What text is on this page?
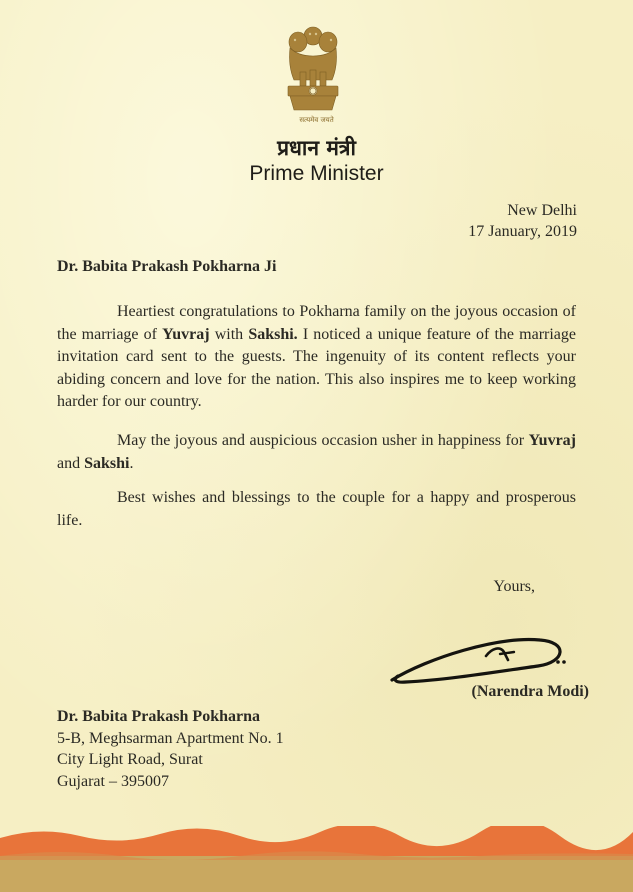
सत्यमेव जयते
प्रधान मंत्री
Prime Minister
New Delhi
17 January, 2019
Dr. Babita Prakash Pokharna Ji
Heartiest congratulations to Pokharna family on the joyous occasion of the marriage of Yuvraj with Sakshi. I noticed a unique feature of the marriage invitation card sent to the guests. The ingenuity of its content reflects your abiding concern and love for the nation. This also inspires me to keep working harder for our country.
May the joyous and auspicious occasion usher in happiness for Yuvraj and Sakshi.
Best wishes and blessings to the couple for a happy and prosperous life.
Yours,
(Narendra Modi)
Dr. Babita Prakash Pokharna
5-B, Meghsarman Apartment No. 1
City Light Road, Surat
Gujarat – 395007
